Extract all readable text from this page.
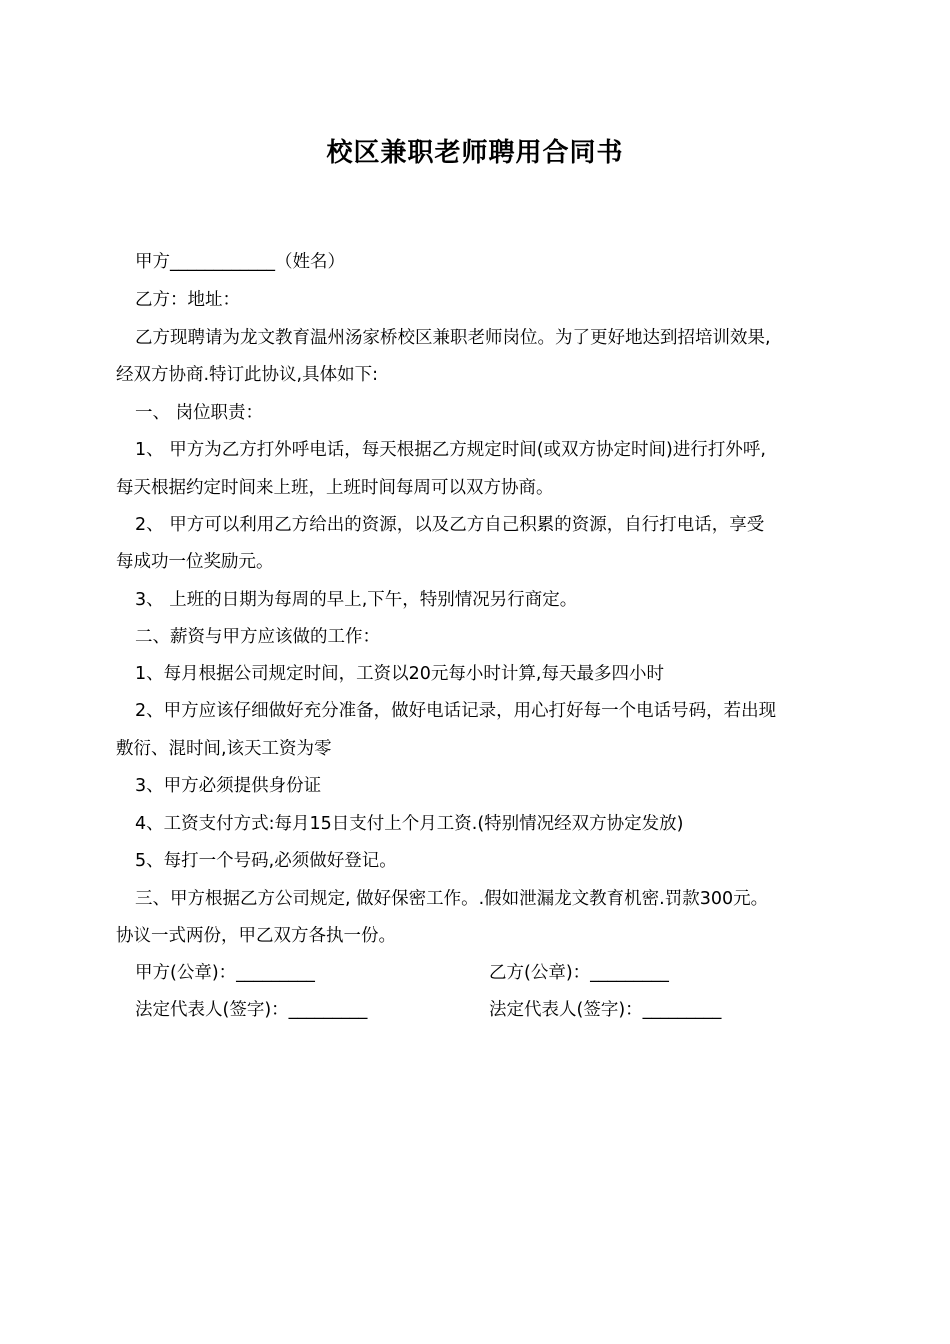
校区兼职老师聘用合同书
甲方____________（姓名）
乙方：地址：
乙方现聘请为龙文教育温州汤家桥校区兼职老师岗位。为了更好地达到招培训效果,
经双方协商.特订此协议,具体如下:
一、 岗位职责：
1、 甲方为乙方打外呼电话，每天根据乙方规定时间(或双方协定时间)进行打外呼,
每天根据约定时间来上班，上班时间每周可以双方协商。
2、 甲方可以利用乙方给出的资源，以及乙方自己积累的资源，自行打电话，享受
每成功一位奖励元。
3、 上班的日期为每周的早上,下午，特别情况另行商定。
二、薪资与甲方应该做的工作：
1、每月根据公司规定时间，工资以20元每小时计算,每天最多四小时
2、甲方应该仔细做好充分准备，做好电话记录，用心打好每一个电话号码，若出现
敷衍、混时间,该天工资为零
3、甲方必须提供身份证
4、工资支付方式:每月15日支付上个月工资.(特别情况经双方协定发放)
5、每打一个号码,必须做好登记。
三、甲方根据乙方公司规定, 做好保密工作。.假如泄漏龙文教育机密.罚款300元。
协议一式两份，甲乙双方各执一份。
甲方(公章)：_________	乙方(公章)：_________
法定代表人(签字)：_________	法定代表人(签字)：_________
